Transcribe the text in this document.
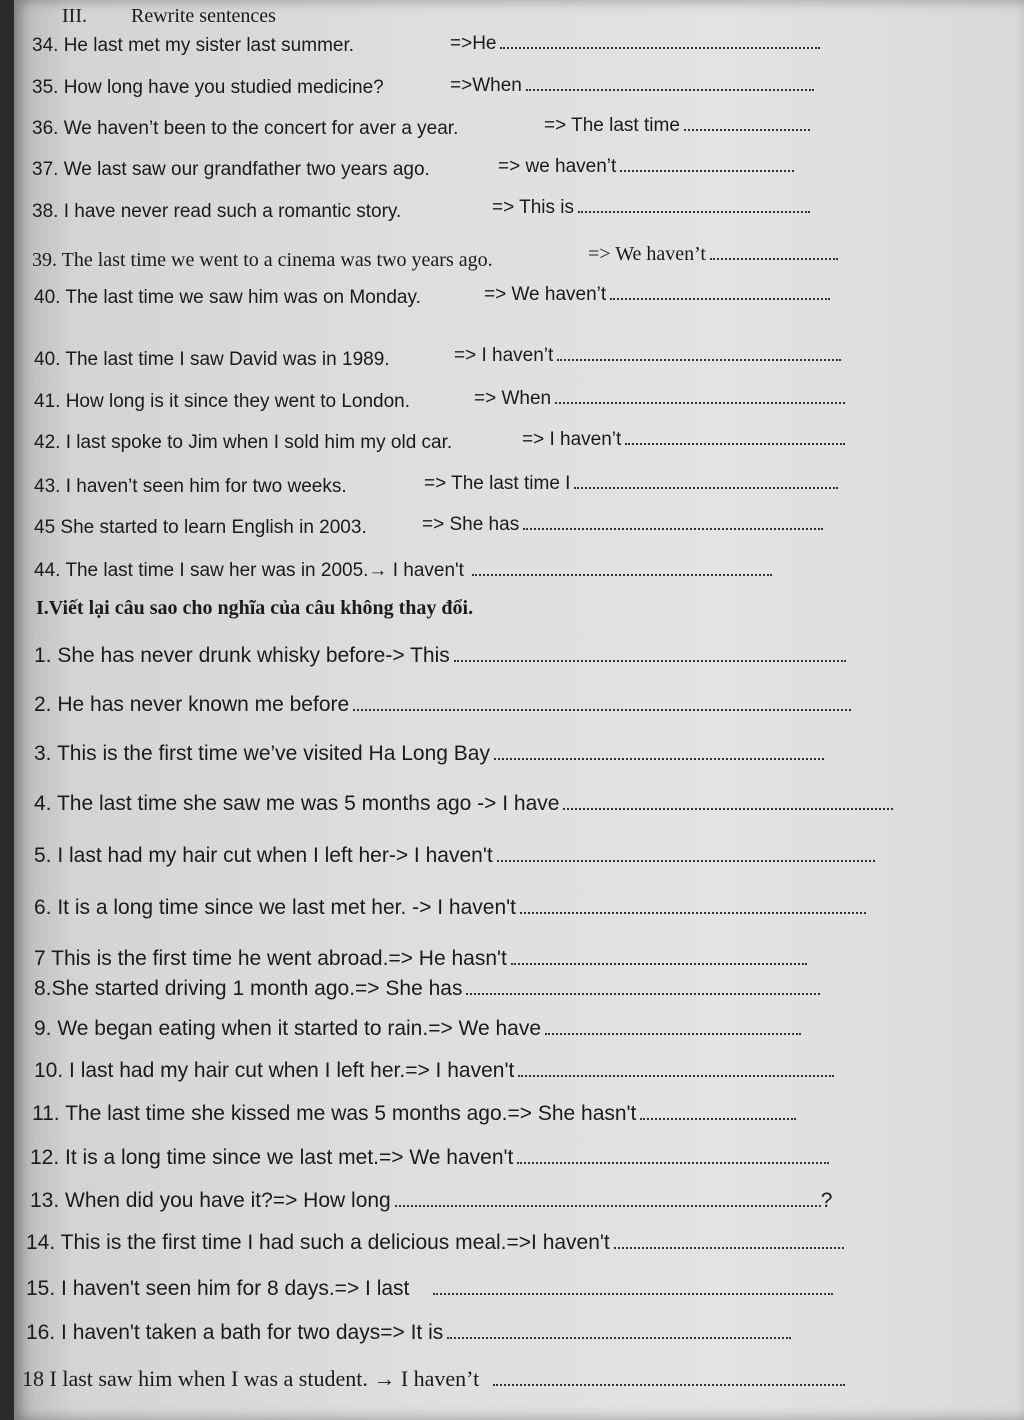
III. Rewrite sentences
34. He last met my sister last summer.	=>He
35. How long have you studied medicine?	=>When
36. We haven’t been to the concert for aver a year.	=> The last time
37. We last saw our grandfather two years ago.	=> we haven’t
38. I have never read such a romantic story.	=> This is
39. The last time we went to a cinema was two years ago.	=> We haven’t
40. The last time we saw him was on Monday.	=> We haven’t
40. The last time I saw David was in 1989.	=> I haven’t
41. How long is it since they went to London.	=> When
42. I last spoke to Jim when I sold him my old car.	=> I haven’t
43. I haven’t seen him for two weeks.	=> The last time I
45 She started to learn English in 2003.	=> She has
44. The last time I saw her was in 2005.→ I haven't
I.Viết lại câu sao cho nghĩa của câu không thay đổi.
1. She has never drunk whisky before-> This
2. He has never known me before
3. This is the first time we’ve visited Ha Long Bay
4. The last time she saw me was 5 months ago -> I have
5. I last had my hair cut when I left her-> I haven't
6. It is a long time since we last met her. -> I haven't
7 This is the first time he went abroad.=> He hasn't
8.She started driving 1 month ago.=> She has
9. We began eating when it started to rain.=> We have
10. I last had my hair cut when I left her.=> I haven't
11. The last time she kissed me was 5 months ago.=> She hasn't
12. It is a long time since we last met.=> We haven't
13. When did you have it?=> How long	?
14. This is the first time I had such a delicious meal.=>I haven't
15. I haven't seen him for 8 days.=> I last
16. I haven't taken a bath for two days=> It is
18 I last saw him when I was a student. → I haven’t
